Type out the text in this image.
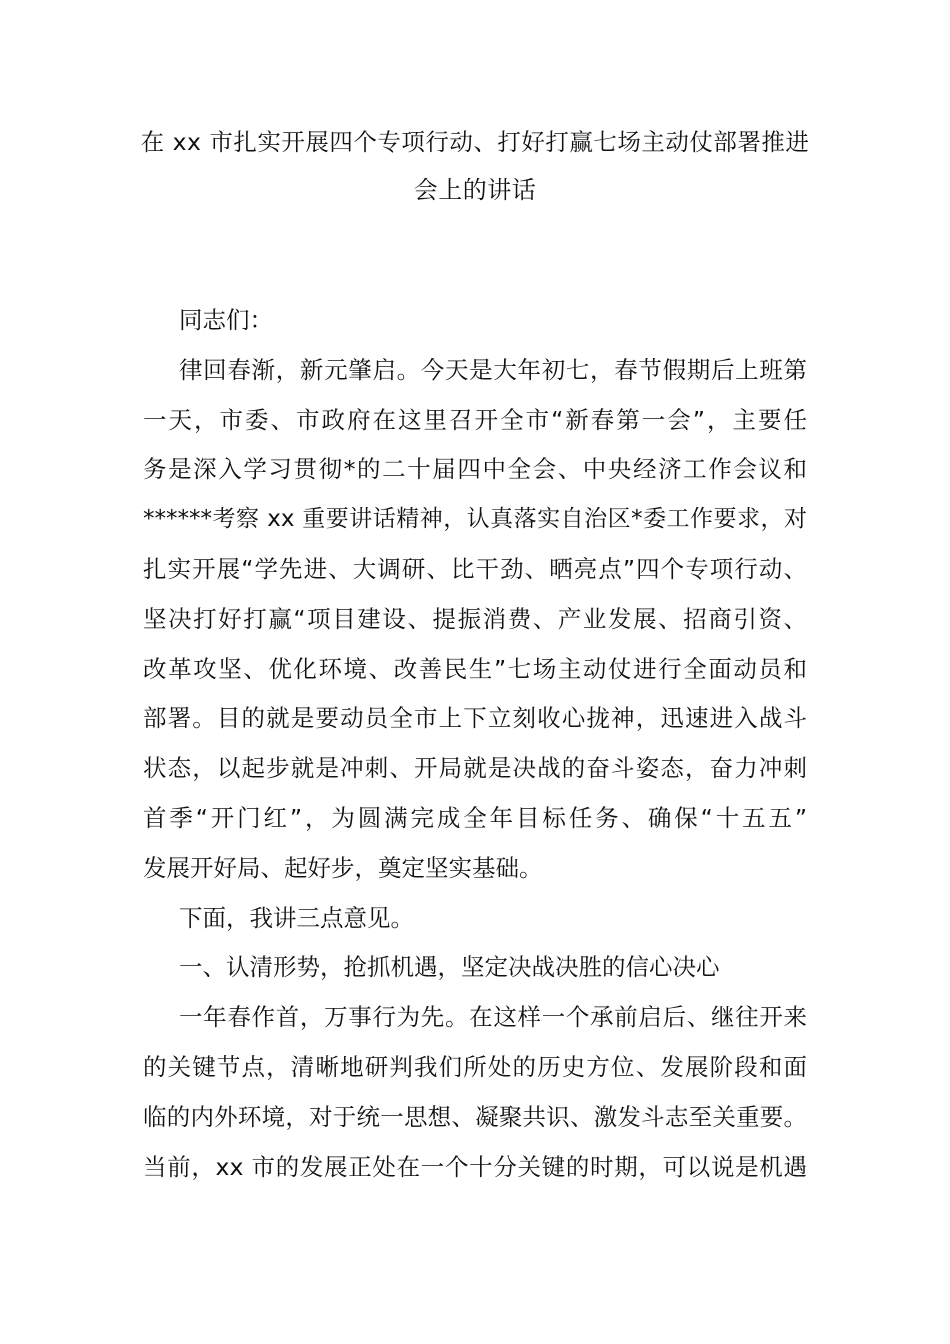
在 xx 市扎实开展四个专项行动、打好打赢七场主动仗部署推进
会上的讲话
同志们：
律回春渐，新元肇启。今天是大年初七，春节假期后上班第
一天，市委、市政府在这里召开全市“新春第一会”，主要任
务是深入学习贯彻*的二十届四中全会、中央经济工作会议和
******考察 xx 重要讲话精神，认真落实自治区*委工作要求，对
扎实开展“学先进、大调研、比干劲、晒亮点”四个专项行动、
坚决打好打赢“项目建设、提振消费、产业发展、招商引资、
改革攻坚、优化环境、改善民生”七场主动仗进行全面动员和
部署。目的就是要动员全市上下立刻收心拢神，迅速进入战斗
状态，以起步就是冲刺、开局就是决战的奋斗姿态，奋力冲刺
首季“开门红”，为圆满完成全年目标任务、确保“十五五”
发展开好局、起好步，奠定坚实基础。
下面，我讲三点意见。
一、认清形势，抢抓机遇，坚定决战决胜的信心决心
一年春作首，万事行为先。在这样一个承前启后、继往开来
的关键节点，清晰地研判我们所处的历史方位、发展阶段和面
临的内外环境，对于统一思想、凝聚共识、激发斗志至关重要。
当前，xx 市的发展正处在一个十分关键的时期，可以说是机遇
